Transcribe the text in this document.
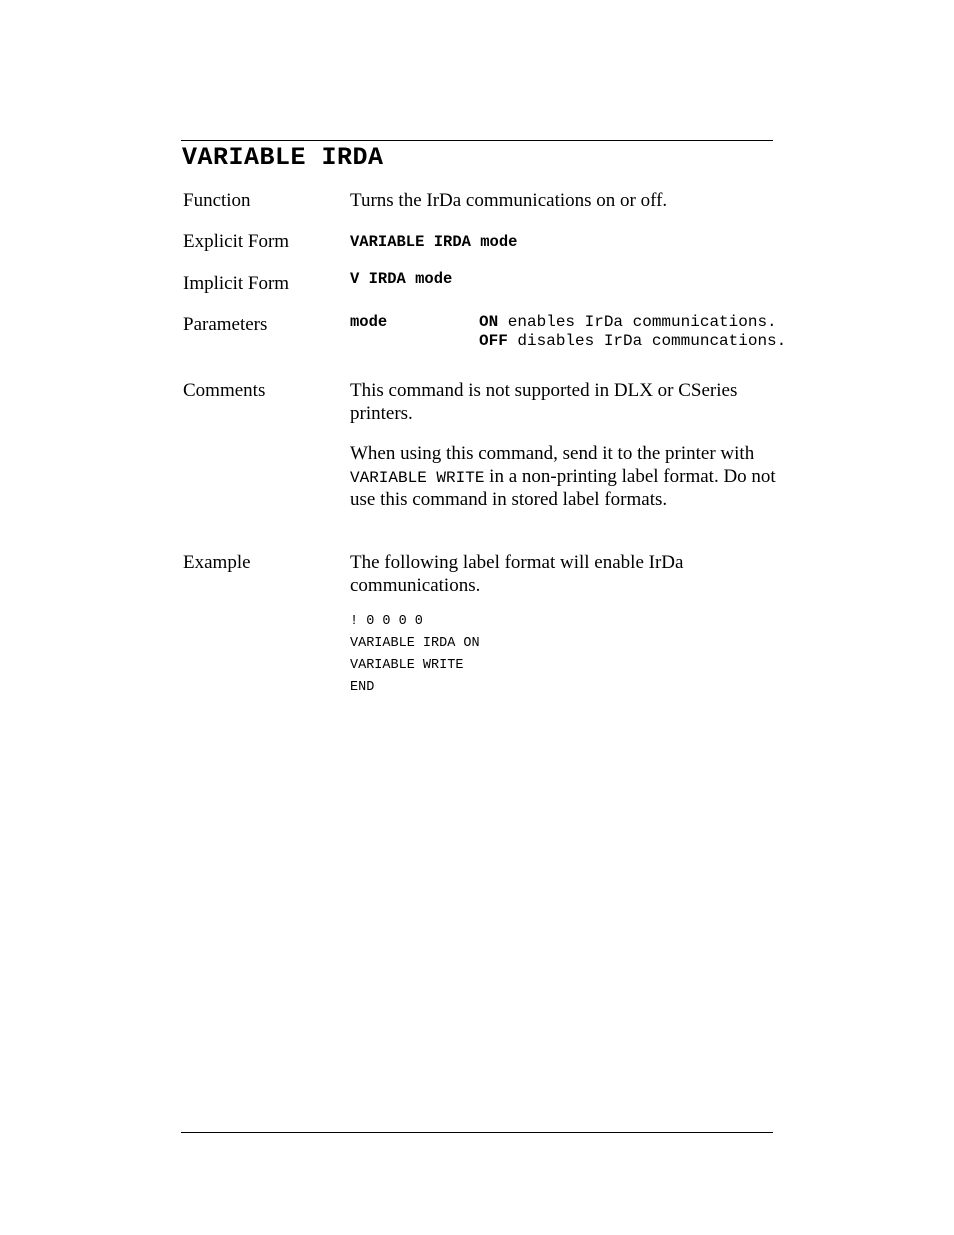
VARIABLE IRDA
Function	Turns the IrDa communications on or off.
Explicit Form	VARIABLE IRDA mode
Implicit Form	V IRDA mode
Parameters	mode	ON enables IrDa communications. OFF disables IrDa communcations.
Comments	This command is not supported in DLX or CSeries printers.
When using this command, send it to the printer with VARIABLE WRITE in a non-printing label format. Do not use this command in stored label formats.
Example	The following label format will enable IrDa communications.
! 0 0 0 0
VARIABLE IRDA ON
VARIABLE WRITE
END
